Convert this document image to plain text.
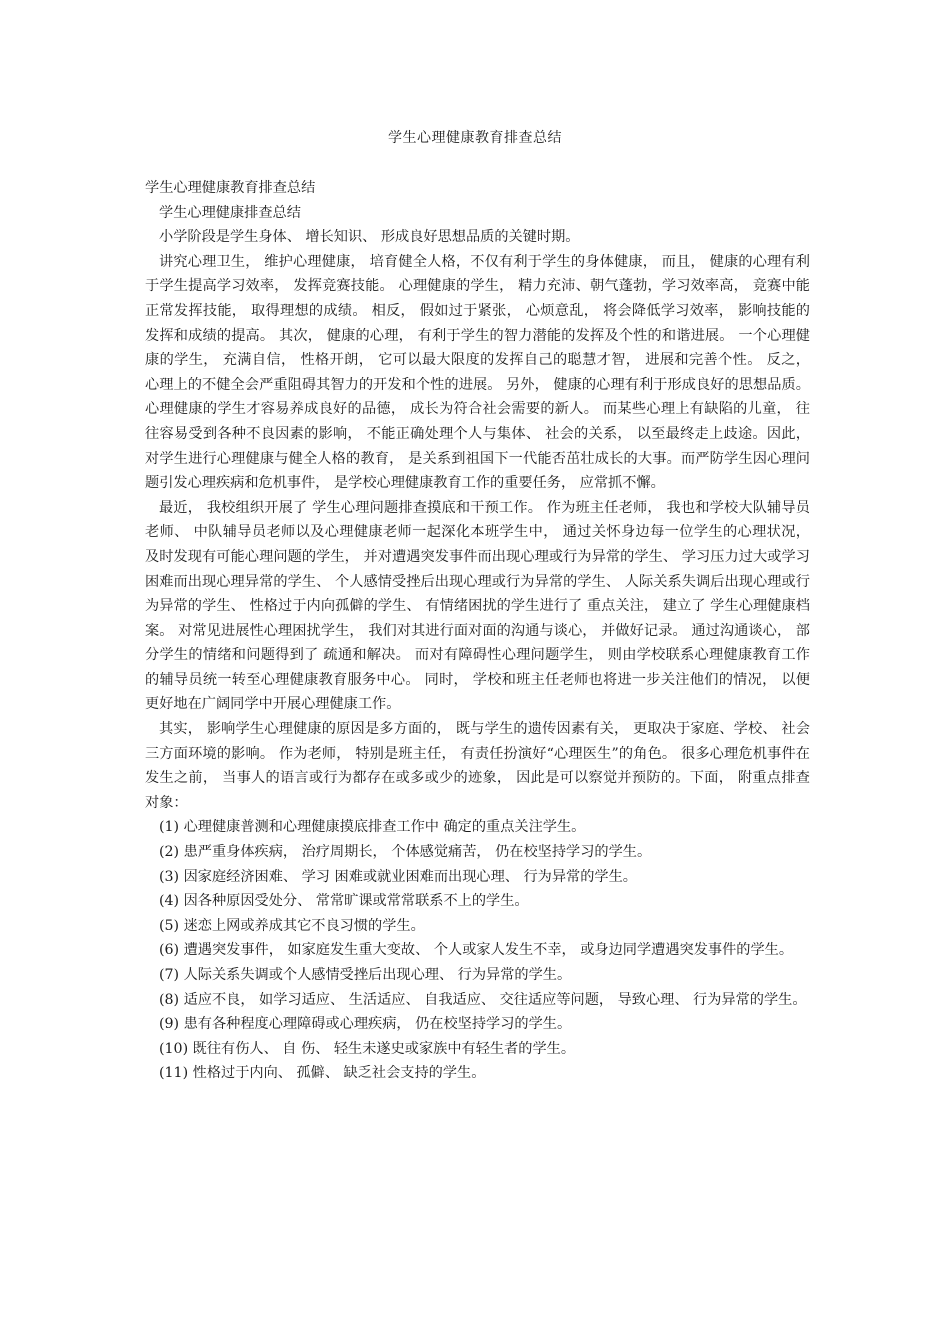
学生心理健康教育排查总结

学生心理健康教育排查总结

学生心理健康排查总结

小学阶段是学生身体、 增长知识、 形成良好思想品质的关键时期。

讲究心理卫生， 维护心理健康， 培育健全人格，不仅有利于学生的身体健康， 而且， 健康的心理有利于学生提高学习效率， 发挥竞赛技能。 心理健康的学生， 精力充沛、朝气蓬勃，学习效率高， 竞赛中能正常发挥技能， 取得理想的成绩。 相反， 假如过于紧张， 心烦意乱， 将会降低学习效率， 影响技能的发挥和成绩的提高。 其次， 健康的心理， 有利于学生的智力潜能的发挥及个性的和谐进展。 一个心理健康的学生， 充满自信， 性格开朗， 它可以最大限度的发挥自己的聪慧才智， 进展和完善个性。 反之， 心理上的不健全会严重阻碍其智力的开发和个性的进展。 另外， 健康的心理有利于形成良好的思想品质。 心理健康的学生才容易养成良好的品德， 成长为符合社会需要的新人。 而某些心理上有缺陷的儿童， 往往容易受到各种不良因素的影响， 不能正确处理个人与集体、 社会的关系， 以至最终走上歧途。因此， 对学生进行心理健康与健全人格的教育， 是关系到祖国下一代能否茁壮成长的大事。而严防学生因心理问题引发心理疾病和危机事件， 是学校心理健康教育工作的重要任务， 应常抓不懈。

最近， 我校组织开展了 学生心理问题排查摸底和干预工作。 作为班主任老师， 我也和学校大队辅导员老师、 中队辅导员老师以及心理健康老师一起深化本班学生中， 通过关怀身边每一位学生的心理状况， 及时发现有可能心理问题的学生， 并对遭遇突发事件而出现心理或行为异常的学生、 学习压力过大或学习困难而出现心理异常的学生、 个人感情受挫后出现心理或行为异常的学生、 人际关系失调后出现心理或行为异常的学生、 性格过于内向孤僻的学生、 有情绪困扰的学生进行了 重点关注， 建立了 学生心理健康档案。 对常见进展性心理困扰学生， 我们对其进行面对面的沟通与谈心， 并做好记录。 通过沟通谈心， 部分学生的情绪和问题得到了 疏通和解决。 而对有障碍性心理问题学生， 则由学校联系心理健康教育工作的辅导员统一转至心理健康教育服务中心。 同时， 学校和班主任老师也将进一步关注他们的情况， 以便更好地在广阔同学中开展心理健康工作。

其实， 影响学生心理健康的原因是多方面的， 既与学生的遗传因素有关， 更取决于家庭、学校、 社会三方面环境的影响。 作为老师， 特别是班主任， 有责任扮演好“心理医生”的角色。 很多心理危机事件在发生之前， 当事人的语言或行为都存在或多或少的迹象， 因此是可以察觉并预防的。下面， 附重点排查对象：

(1) 心理健康普测和心理健康摸底排查工作中 确定的重点关注学生。

(2) 患严重身体疾病， 治疗周期长， 个体感觉痛苦， 仍在校坚持学习的学生。

(3) 因家庭经济困难、 学习 困难或就业困难而出现心理、 行为异常的学生。

(4) 因各种原因受处分、 常常旷课或常常联系不上的学生。

(5) 迷恋上网或养成其它不良习惯的学生。

(6) 遭遇突发事件， 如家庭发生重大变故、 个人或家人发生不幸， 或身边同学遭遇突发事件的学生。

(7) 人际关系失调或个人感情受挫后出现心理、 行为异常的学生。

(8) 适应不良， 如学习适应、 生活适应、 自我适应、 交往适应等问题， 导致心理、 行为异常的学生。

(9) 患有各种程度心理障碍或心理疾病， 仍在校坚持学习的学生。

(10) 既往有伤人、 自 伤、 轻生未遂史或家族中有轻生者的学生。

(11) 性格过于内向、 孤僻、 缺乏社会支持的学生。
